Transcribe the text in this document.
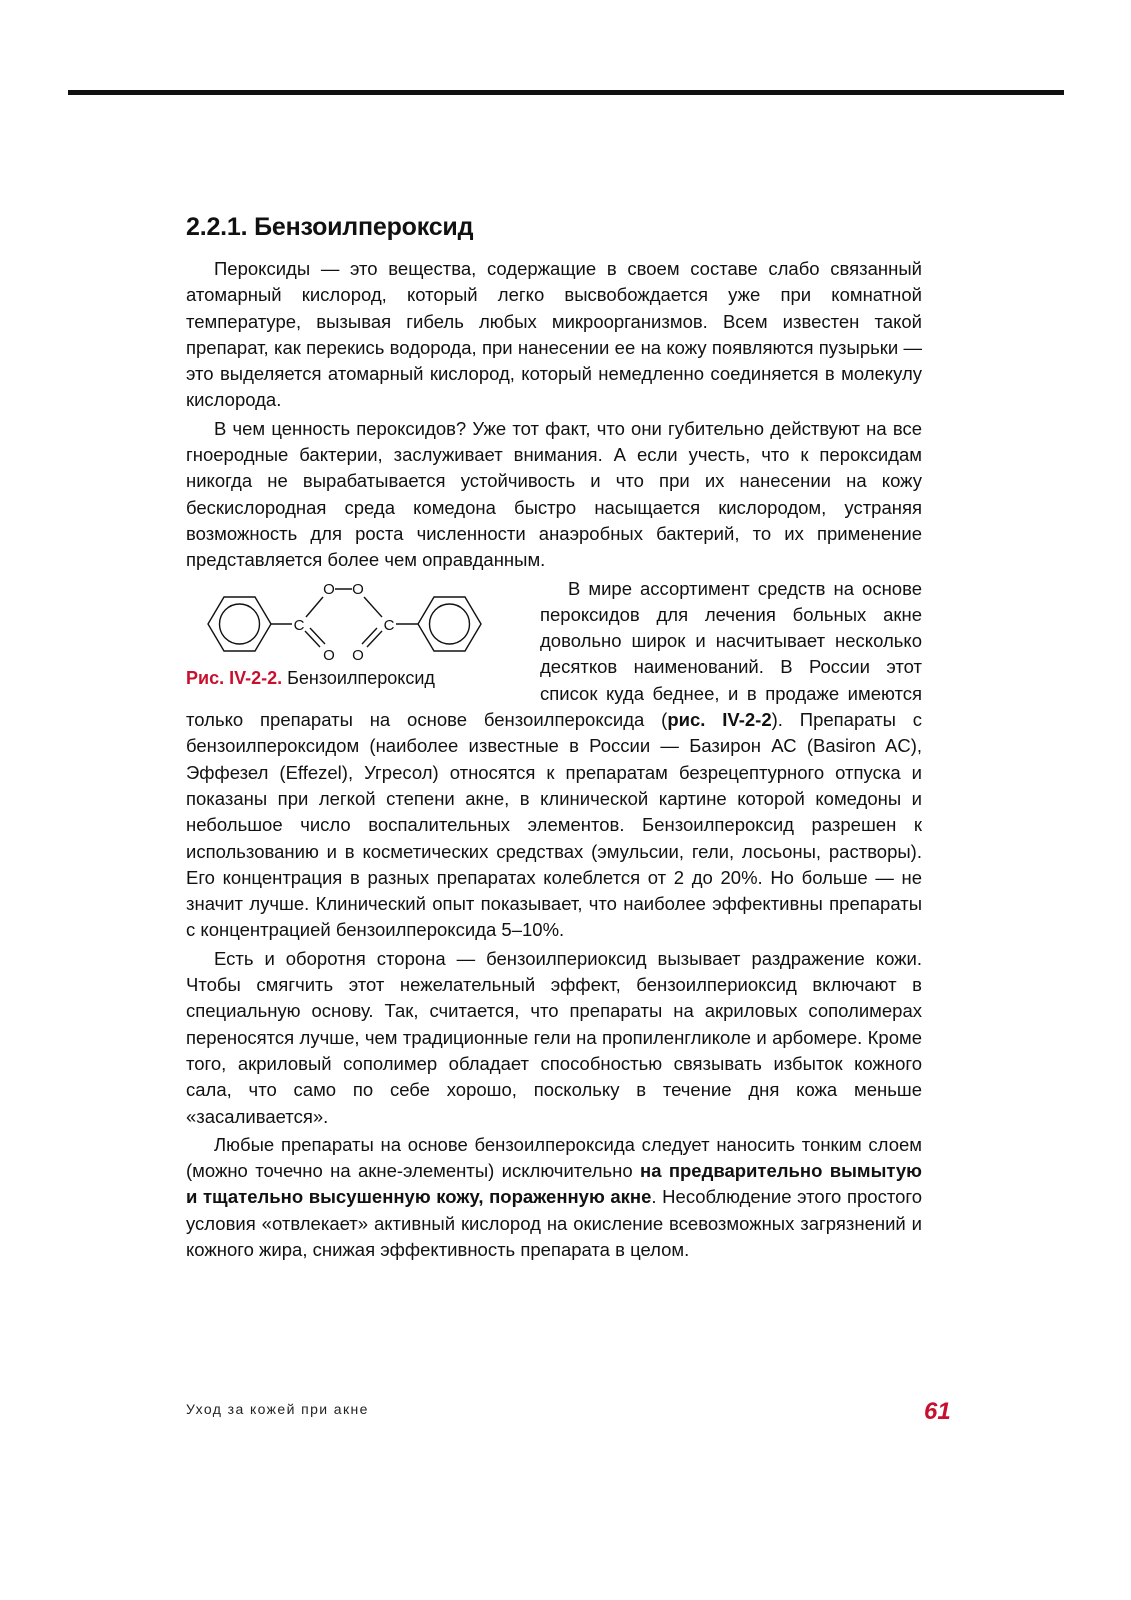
2.2.1. Бензоилпероксид

Пероксиды — это вещества, содержащие в своем составе слабо связанный атомарный кислород, который легко высвобождается уже при комнатной температуре, вызывая гибель любых микроорганизмов. Всем известен такой препарат, как перекись водорода, при нанесении ее на кожу появляются пузырьки — это выделяется атомарный кислород, который немедленно соединяется в молекулу кислорода.

В чем ценность пероксидов? Уже тот факт, что они губительно действуют на все гноеродные бактерии, заслуживает внимания. А если учесть, что к пероксидам никогда не вырабатывается устойчивость и что при их нанесении на кожу бескислородная среда комедона быстро насыщается кислородом, устраняя возможность для роста численности анаэробных бактерий, то их применение представляется более чем оправданным.

O O
C	C
O O
Рис. IV-2-2. Бензоилпероксид

В мире ассортимент средств на основе пероксидов для лечения больных акне довольно широк и насчитывает несколько десятков наименований. В России этот список куда беднее, и в продаже имеются только препараты на основе бензоилпероксида (рис. IV-2-2). Препараты с бензоилпероксидом (наиболее известные в России — Базирон АС (Basiron AC), Эффезел (Effezel), Угресол) относятся к препаратам безрецептурного отпуска и показаны при легкой степени акне, в клинической картине которой комедоны и небольшое число воспалительных элементов. Бензоилпероксид разрешен к использованию и в косметических средствах (эмульсии, гели, лосьоны, растворы). Его концентрация в разных препаратах колеблется от 2 до 20%. Но больше — не значит лучше. Клинический опыт показывает, что наиболее эффективны препараты с концентрацией бензоилпероксида 5–10%.

Есть и оборотня сторона — бензоилпериоксид вызывает раздражение кожи. Чтобы смягчить этот нежелательный эффект, бензоилпериоксид включают в специальную основу. Так, считается, что препараты на акриловых сополимерах переносятся лучше, чем традиционные гели на пропиленгликоле и арбомере. Кроме того, акриловый сополимер обладает способностью связывать избыток кожного сала, что само по себе хорошо, поскольку в течение дня кожа меньше «засаливается».

Любые препараты на основе бензоилпероксида следует наносить тонким слоем (можно точечно на акне-элементы) исключительно на предварительно вымытую и тщательно высушенную кожу, пораженную акне. Несоблюдение этого простого условия «отвлекает» активный кислород на окисление всевозможных загрязнений и кожного жира, снижая эффективность препарата в целом.

Уход за кожей при акне	61
